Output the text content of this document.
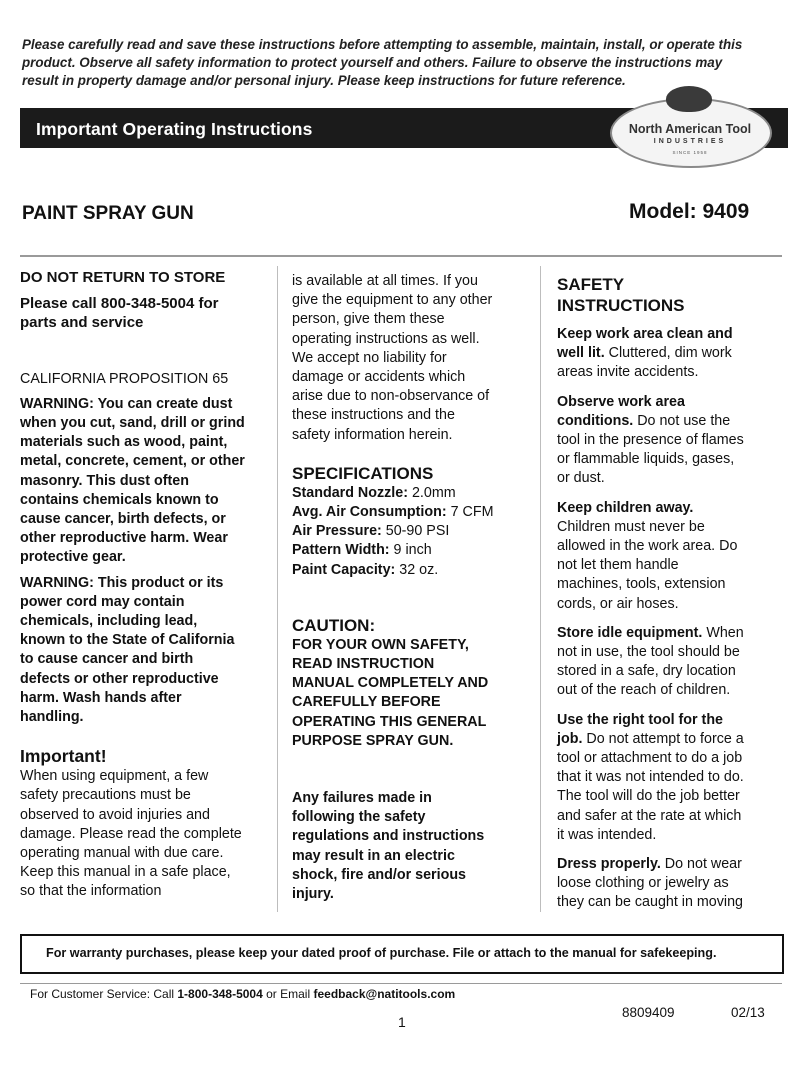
Please carefully read and save these instructions before attempting to assemble, maintain, install, or operate this
product. Observe all safety information to protect yourself and others. Failure to observe the instructions may
result in property damage and/or personal injury. Please keep instructions for future reference.
Important Operating Instructions	North American Tool
INDUSTRIES
SINCE 1958
PAINT SPRAY GUN	Model: 9409

DO NOT RETURN TO STORE

Please call 800-348-5004 for

parts and service

CALIFORNIA PROPOSITION 65

WARNING: You can create dust

when you cut, sand, drill or grind

materials such as wood, paint,

metal, concrete, cement, or other

masonry. This dust often

contains chemicals known to

cause cancer, birth defects, or

other reproductive harm. Wear

protective gear.

WARNING: This product or its

power cord may contain

chemicals, including lead,

known to the State of California

to cause cancer and birth

defects or other reproductive

harm. Wash hands after

handling.

Important!

When using equipment, a few

safety precautions must be

observed to avoid injuries and

damage. Please read the complete

operating manual with due care.

Keep this manual in a safe place,

so that the information

is available at all times. If you

give the equipment to any other

person, give them these

operating instructions as well.

We accept no liability for

damage or accidents which

arise due to non-observance of

these instructions and the

safety information herein.

SPECIFICATIONS

Standard Nozzle: 2.0mm

Avg. Air Consumption: 7 CFM

Air Pressure: 50-90 PSI

Pattern Width: 9 inch

Paint Capacity: 32 oz.

CAUTION:

FOR YOUR OWN SAFETY,

READ INSTRUCTION

MANUAL COMPLETELY AND

CAREFULLY BEFORE

OPERATING THIS GENERAL

PURPOSE SPRAY GUN.

Any failures made in

following the safety

regulations and instructions

may result in an electric

shock, fire and/or serious

injury.

SAFETY

INSTRUCTIONS

Keep work area clean and

well lit. Cluttered, dim work

areas invite accidents.

Observe work area

conditions. Do not use the

tool in the presence of flames

or flammable liquids, gases,

or dust.

Keep children away.

Children must never be

allowed in the work area. Do

not let them handle

machines, tools, extension

cords, or air hoses.

Store idle equipment. When

not in use, the tool should be

stored in a safe, dry location

out of the reach of children.

Use the right tool for the

job. Do not attempt to force a

tool or attachment to do a job

that it was not intended to do.

The tool will do the job better

and safer at the rate at which

it was intended.

Dress properly. Do not wear

loose clothing or jewelry as

they can be caught in moving

For warranty purchases, please keep your dated proof of purchase. File or attach to the manual for safekeeping.
For Customer Service: Call 1-800-348-5004 or Email feedback@natitools.com
8809409	02/13
1
